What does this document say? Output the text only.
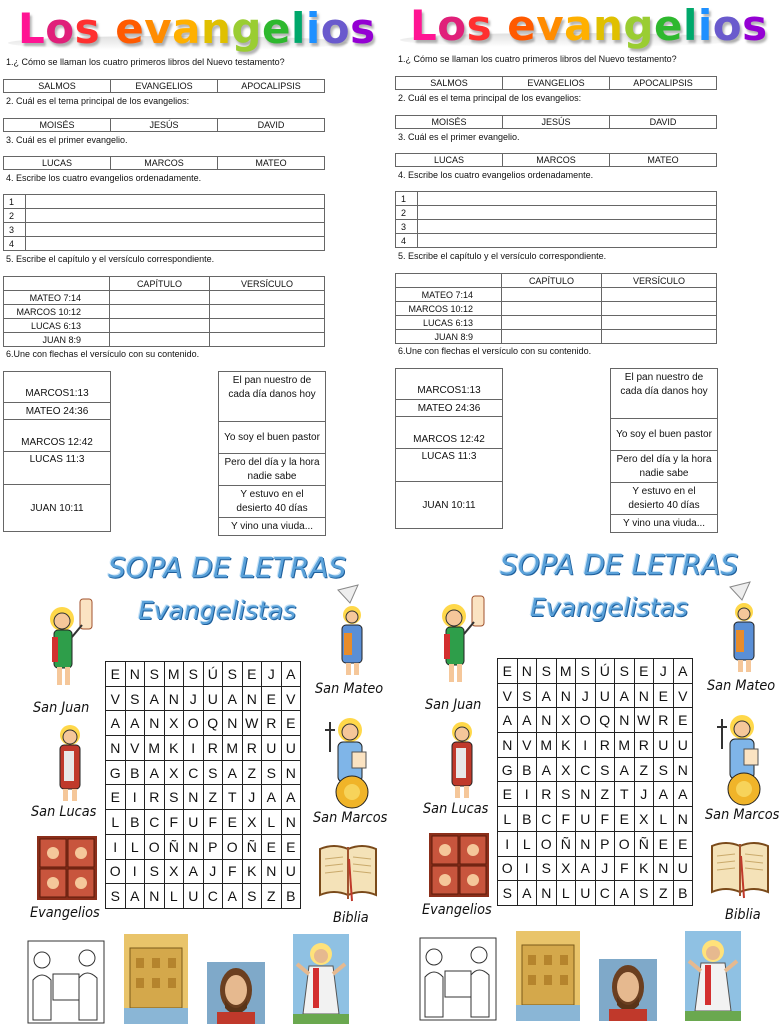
Los evangelios
1.¿ Cómo se llaman los cuatro primeros libros del Nuevo testamento?
SALMOS	EVANGELIOS	APOCALIPSIS
2. Cuál es el tema principal de los evangelios:
MOISÉS	JESÚS	DAVID
3. Cuál es el primer evangelio.
LUCAS	MARCOS	MATEO
4. Escribe los cuatro evangelios ordenadamente.
1	
2	
3	
4	
5. Escribe el capítulo y el versículo correspondiente.
	CAPÍTULO	VERSÍCULO
MATEO 7:14		
MARCOS 10:12		
LUCAS 6:13		
JUAN 8:9		
6.Une con flechas el versículo con su contenido.
MARCOS1:13
MATEO 24:36
MARCOS 12:42
LUCAS 11:3
JUAN 10:11
El pan nuestro de cada día danos hoy
Yo soy el buen pastor
Pero del día y la hora nadie sabe
Y estuvo en el desierto 40 días
Y vino una viuda...
SOPA DE LETRAS
Evangelistas
E	N	S	M	S	Ú	S	E	J	A
V	S	A	N	J	U	A	N	E	V
A	A	N	X	O	Q	N	W	R	E
N	V	M	K	I	R	M	R	U	U
G	B	A	X	C	S	A	Z	S	N
E	I	R	S	N	Z	T	J	A	A
L	B	C	F	U	F	E	X	L	N
I	L	O	Ñ	N	P	O	Ñ	E	E
O	I	S	X	A	J	F	K	N	U
S	A	N	L	U	C	A	S	Z	B
San Juan
San Mateo
San Lucas	San Marcos
Evangelios	Biblia
Los evangelios
1.¿ Cómo se llaman los cuatro primeros libros del Nuevo testamento?
SALMOS	EVANGELIOS	APOCALIPSIS
2. Cuál es el tema principal de los evangelios:
MOISÉS	JESÚS	DAVID
3. Cuál es el primer evangelio.
LUCAS	MARCOS	MATEO
4. Escribe los cuatro evangelios ordenadamente.
1	
2	
3	
4	
5. Escribe el capítulo y el versículo correspondiente.
	CAPÍTULO	VERSÍCULO
MATEO 7:14		
MARCOS 10:12		
LUCAS 6:13		
JUAN 8:9		
6.Une con flechas el versículo con su contenido.
MARCOS1:13
MATEO 24:36
MARCOS 12:42
LUCAS 11:3
JUAN 10:11
El pan nuestro de cada día danos hoy
Yo soy el buen pastor
Pero del día y la hora nadie sabe
Y estuvo en el desierto 40 días
Y vino una viuda...
SOPA DE LETRAS
Evangelistas
E	N	S	M	S	Ú	S	E	J	A
V	S	A	N	J	U	A	N	E	V
A	A	N	X	O	Q	N	W	R	E
N	V	M	K	I	R	M	R	U	U
G	B	A	X	C	S	A	Z	S	N
E	I	R	S	N	Z	T	J	A	A
L	B	C	F	U	F	E	X	L	N
I	L	O	Ñ	N	P	O	Ñ	E	E
O	I	S	X	A	J	F	K	N	U
S	A	N	L	U	C	A	S	Z	B
San Juan
San Mateo
San Lucas	San Marcos
Evangelios	Biblia
